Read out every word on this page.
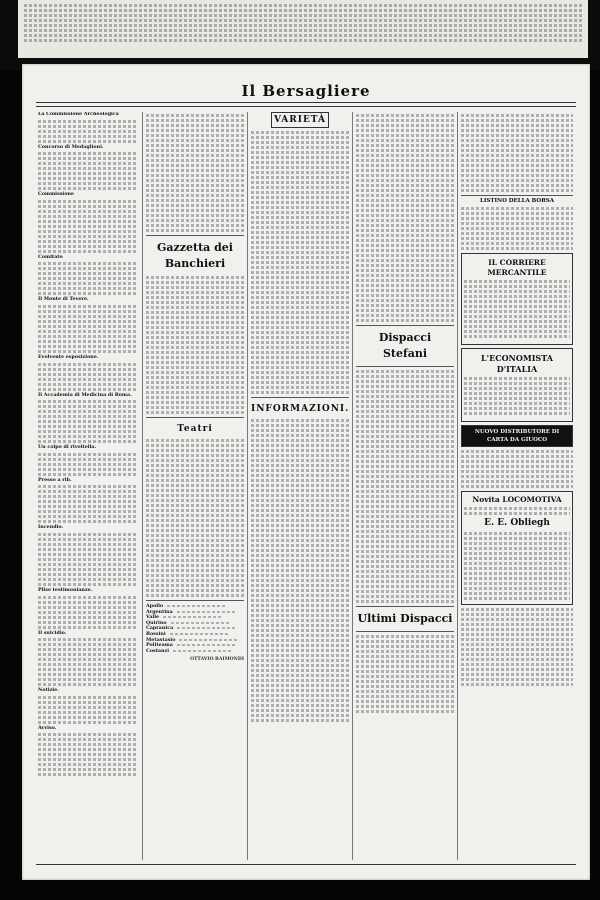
Il Bersagliere
La Commissione Archeologica
Concorso di Medaglioni.
Commissione
Comitato
Il Monte di Tevere.
Evolvente esposizione.
Il Accademia di Medicina di Roma.
Un colpo di rivoltella.
Presso a rib.
Incendio.
Pilse testimonianze.
Il suicidio.
Notizie.
Avviso.
Gazzetta dei Banchieri
Teatri
Apollo
Argentina
Valle
Quirino
Capranica
Rossini
Metastasio
Politeama
Costanzi
OTTAVIO RAIMONDI
VARIETÀ
INFORMAZIONI.
Dispacci Stefani
Ultimi Dispacci
LISTINO DELLA BORSA
IL CORRIERE MERCANTILE
L'ECONOMISTA D'ITALIA
NUOVO DISTRIBUTORE DI CARTA DA GIUOCO
Novita LOCOMOTIVA
E. E. Obliegh
